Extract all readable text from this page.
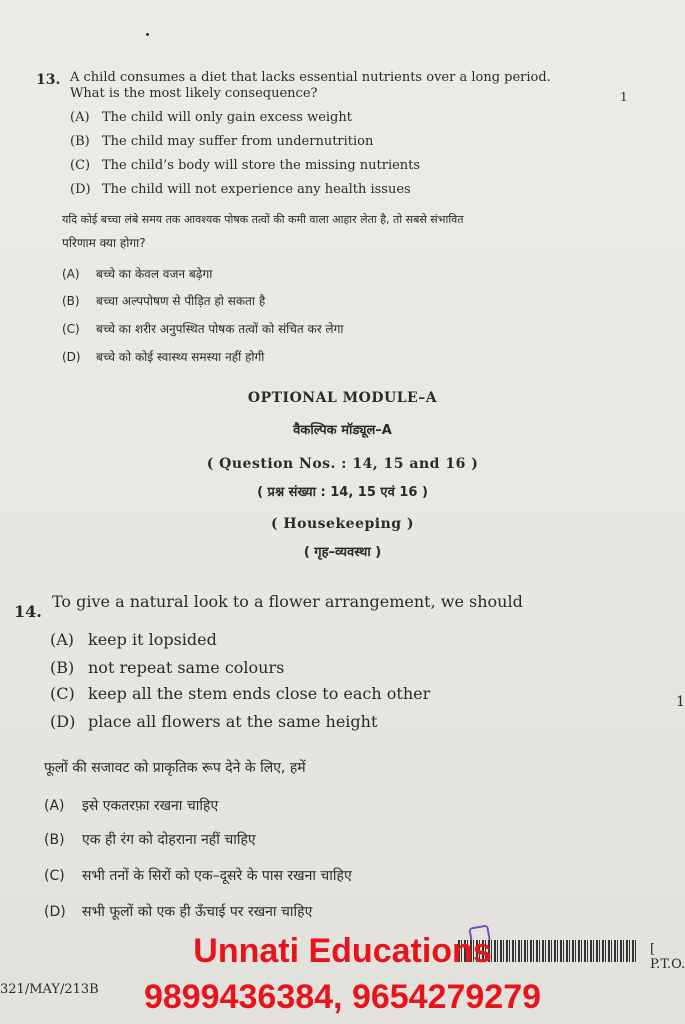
13. A child consumes a diet that lacks essential nutrients over a long period.
What is the most likely consequence?	1
(A) The child will only gain excess weight
(B) The child may suffer from undernutrition
(C) The child’s body will store the missing nutrients
(D) The child will not experience any health issues
यदि कोई बच्चा लंबे समय तक आवश्यक पोषक तत्वों की कमी वाला आहार लेता है, तो सबसे संभावित
परिणाम क्या होगा?
(A) बच्चे का केवल वजन बढ़ेगा
(B) बच्चा अल्पपोषण से पीड़ित हो सकता है
(C) बच्चे का शरीर अनुपस्थित पोषक तत्वों को संचित कर लेगा
(D) बच्चे को कोई स्वास्थ्य समस्या नहीं होगी
OPTIONAL MODULE–A
वैकल्पिक मॉड्यूल–A
( Question Nos. : 14, 15 and 16 )
( प्रश्न संख्या : 14, 15 एवं 16 )
( Housekeeping )
( गृह–व्यवस्था )
14.
To give a natural look to a flower arrangement, we should
(A) keep it lopsided
(B) not repeat same colours
(C) keep all the stem ends close to each other
(D) place all flowers at the same height
1
फूलों की सजावट को प्राकृतिक रूप देने के लिए, हमें
(A) इसे एकतरफ़ा रखना चाहिए
(B) एक ही रंग को दोहराना नहीं चाहिए
(C) सभी तनों के सिरों को एक–दूसरे के पास रखना चाहिए
(D) सभी फूलों को एक ही ऊँचाई पर रखना चाहिए
[ P.T.O.
321/MAY/213B
Unnati Educations
9899436384, 9654279279
